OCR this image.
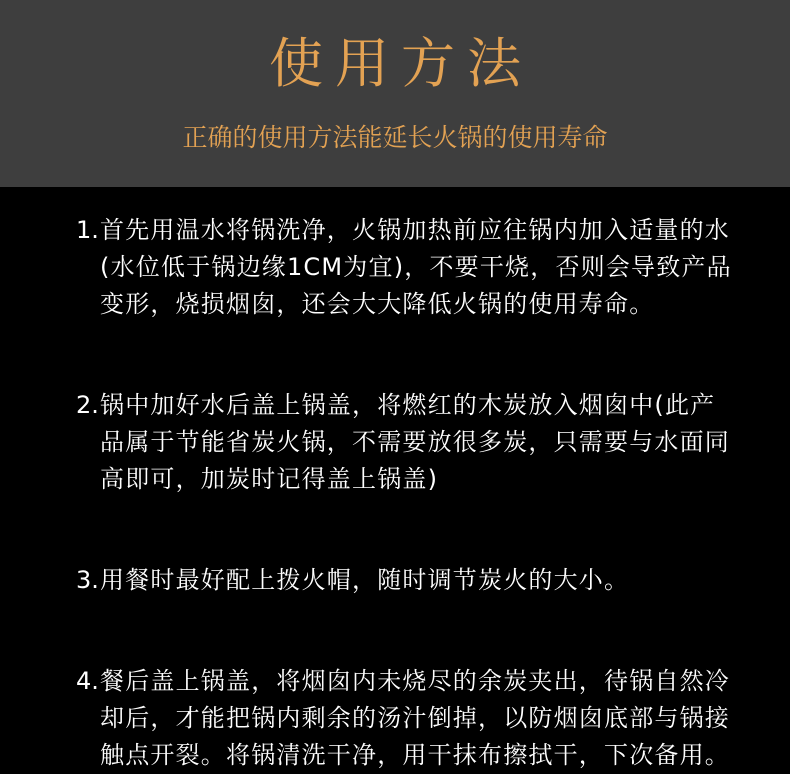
使用方法
正确的使用方法能延长火锅的使用寿命
1. 首先用温水将锅洗净，火锅加热前应往锅内加入适量的水(水位低于锅边缘1CM为宜)，不要干烧，否则会导致产品变形，烧损烟囱，还会大大降低火锅的使用寿命。
2. 锅中加好水后盖上锅盖，将燃红的木炭放入烟囱中(此产品属于节能省炭火锅，不需要放很多炭，只需要与水面同高即可，加炭时记得盖上锅盖)
3. 用餐时最好配上拨火帽，随时调节炭火的大小。
4. 餐后盖上锅盖，将烟囱内未烧尽的余炭夹出，待锅自然冷却后，才能把锅内剩余的汤汁倒掉，以防烟囱底部与锅接触点开裂。将锅清洗干净，用干抹布擦拭干，下次备用。
